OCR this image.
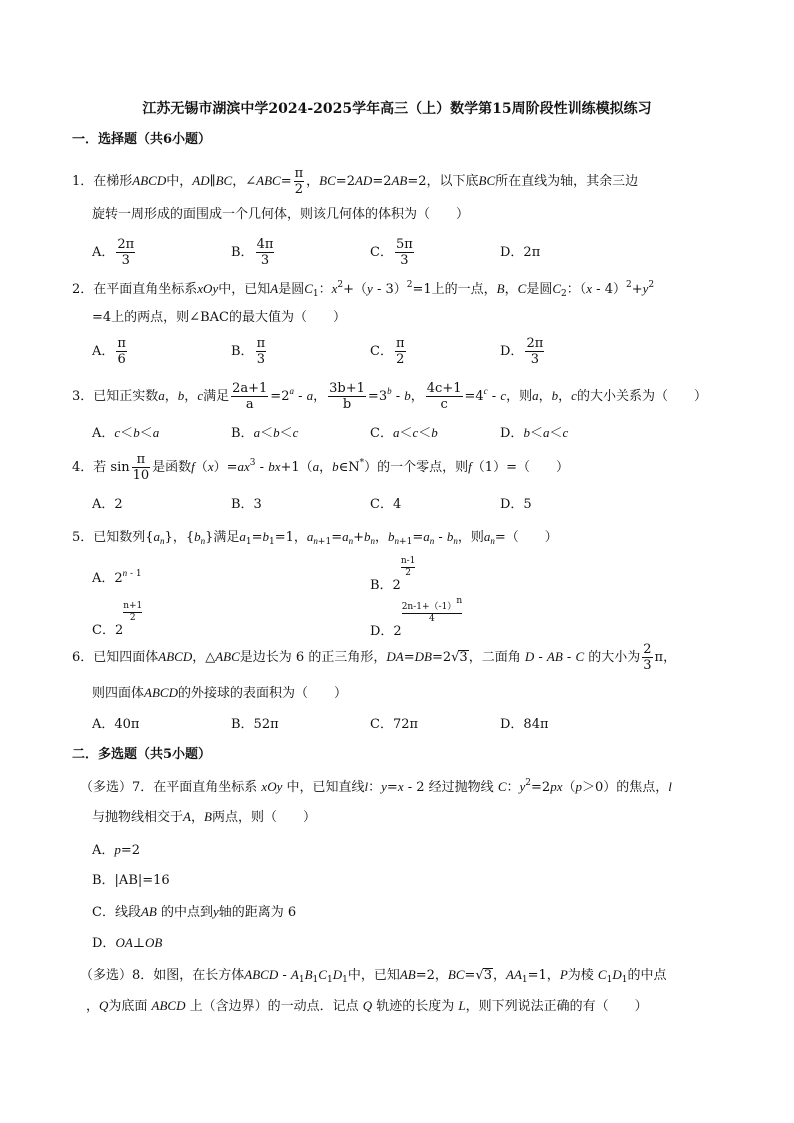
江苏无锡市湖滨中学2024-2025学年高三（上）数学第15周阶段性训练模拟练习
一．选择题（共6小题）
1．在梯形ABCD中，AD∥BC，∠ABC= $\frac{\pi}{2}$ ，BC=2AD=2AB=2，以下底BC所在直线为轴，其余三边
旋转一周形成的面围成一个几何体，则该几何体的体积为（　　）
A． $\frac{2\pi}{3}$	B． $\frac{4\pi}{3}$	C． $\frac{5\pi}{3}$	D．2π
2．在平面直角坐标系xOy中，已知A是圆$C_1$：$x^2+(y - 3)^2=1$上的一点，B，C是圆$C_2$：$(x - 4)^2+y^2$
=4上的两点，则∠BAC的最大值为（　　）
A． $\frac{\pi}{6}$	B． $\frac{\pi}{3}$	C． $\frac{\pi}{2}$	D． $\frac{2\pi}{3}$
3．已知正实数a，b，c满足 $\frac{2a+1}{a} =2^a - a$， $\frac{3b+1}{b} =3^b - b$， $\frac{4c+1}{c} =4^c - c$，则a，b，c的大小关系为（　　）
A．c＜b＜a	B．a＜b＜c	C．a＜c＜b	D．b＜a＜c
4．若 $\sin \frac{\pi}{10}$ 是函数$f(x)=ax^3 - bx+1(a$，b∈N*）的一个零点，则f（1）=（　　）
A．2	B．3	C．4	D．5
5．已知数列$\{a_n\}$，$\{b_n\}$满足$a_1=b_1=1$，$a_{n+1}=a_n+b_n$，$b_{n+1}=a_n - b_n$，则$a_n=$（　　）
A．2$^{n - 1}$
B．2
$\frac{n-1}{2}$
C．2
$\frac{n+1}{2}$
D．2
$\frac{2n-1+(-1)^n}{4}$
6．已知四面体ABCD，△ABC是边长为 6 的正三角形，DA=DB=2√3，二面角 D - AB - C 的大小为 $\frac{2}{3}$ π，
则四面体ABCD的外接球的表面积为（　　）
A．40π	B．52π	C．72π	D．84π
二．多选题（共5小题）
（多选）7．在平面直角坐标系 xOy 中，已知直线l：y=x - 2 经过抛物线 C：$y^2=2px(p>0)$的焦点，l
与抛物线相交于A，B两点，则（　　）
A．p=2
B．|AB|=16
C．线段AB 的中点到y轴的距离为 6
D．OA⊥OB
（多选）8．如图，在长方体ABCD - $A_1B_1C_1D_1$中，已知AB=2，BC=√3，$AA_1=1$，P为棱 $C_1D_1$的中点
，Q为底面 ABCD 上（含边界）的一动点．记点 Q 轨迹的长度为 L，则下列说法正确的有（　　）
